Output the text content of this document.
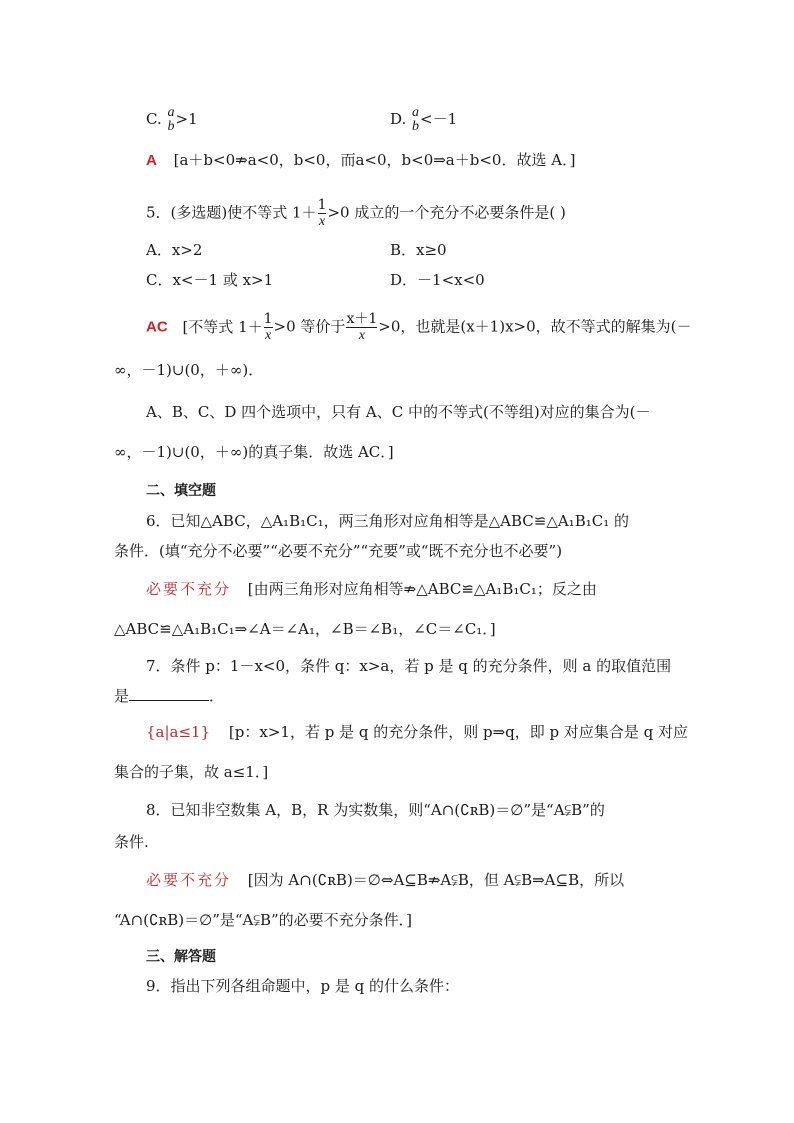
C. a
b >1	D. a
b <－1
A [a＋b<0⇏a<0，b<0，而a<0，b<0⇒a＋b<0．故选 A．]
5．(多选题)使不等式 $1+ \frac{1}{x} >0$ 成立的一个充分不必要条件是( )
A．x>2	B．x≥0
C．x<－1 或 x>1	D．－1<x<0
AC [不等式 $1+ \frac{1}{x} >0$ 等价于 $\frac{x+1}{x} >0$，也就是(x＋1)x>0，故不等式的解集为(－
∞，－1)∪(0，＋∞)．
A、B、C、D 四个选项中，只有 A、C 中的不等式(不等组)对应的集合为(－
∞，－1)∪(0，＋∞)的真子集．故选 AC．]
二、填空题
6．已知△ABC，△A₁B₁C₁，两三角形对应角相等是△ABC≌△A₁B₁C₁ 的
条件．(填“充分不必要”“必要不充分”“充要”或“既不充分也不必要”)
必要不充分 [由两三角形对应角相等⇏△ABC≌△A₁B₁C₁；反之由
△ABC≌△A₁B₁C₁⇒∠A＝∠A₁，∠B＝∠B₁，∠C＝∠C₁．]
7．条件 p：1－x<0，条件 q：x>a，若 p 是 q 的充分条件，则 a 的取值范围
是	．
{a|a≤1} [p：x>1，若 p 是 q 的充分条件，则 p⇒q，即 p 对应集合是 q 对应
集合的子集，故 a≤1．]
8．已知非空数集 A，B，R 为实数集，则“A∩(∁ʀB)＝∅”是“A⫋B”的
条件.
必要不充分 [因为 A∩(∁ʀB)＝∅⇔A⊆B⇏A⫋B，但 A⫋B⇒A⊆B，所以
“A∩(∁ʀB)＝∅”是“A⫋B”的必要不充分条件．]
三、解答题
9．指出下列各组命题中，p 是 q 的什么条件：
